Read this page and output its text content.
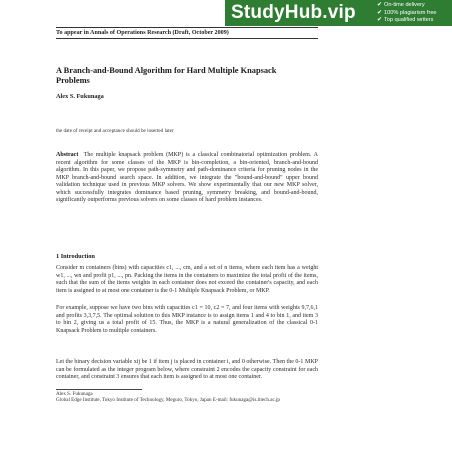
StudyHub.vip	✔ On-time delivery
✔ 100% plagiarism free
✔ Top qualified writers
To appear in Annals of Operations Research (Draft, October 2009)
A Branch-and-Bound Algorithm for Hard Multiple Knapsack Problems

Alex S. Fukunaga

the date of receipt and acceptance should be inserted later

Abstract The multiple knapsack problem (MKP) is a classical combinatorial optimization problem. A recent algorithm for some classes of the MKP is bin-completion, a bin-oriented, branch-and-bound algorithm. In this paper, we propose path-symmetry and path-dominance criteria for pruning nodes in the MKP branch-and-bound search space. In addition, we integrate the "bound-and-bound" upper bound validation technique used in previous MKP solvers. We show experimentally that our new MKP solver, which successfully integrates dominance based pruning, symmetry breaking, and bound-and-bound, significantly outperforms previous solvers on some classes of hard problem instances.

1 Introduction

Consider m containers (bins) with capacities c1, ..., cm, and a set of n items, where each item has a weight w1, ..., wn and profit p1, ..., pn. Packing the items in the containers to maximize the total profit of the items, such that the sum of the items weights in each container does not exceed the container's capacity, and each item is assigned to at most one container is the 0-1 Multiple Knapsack Problem, or MKP.

For example, suppose we have two bins with capacities c1 = 10, c2 = 7, and four items with weights 9,7,6,1 and profits 3,3,7,5. The optimal solution to this MKP instance is to assign items 1 and 4 to bin 1, and item 3 to bin 2, giving us a total profit of 15. Thus, the MKP is a natural generalization of the classical 0-1 Knapsack Problem to multiple containers.

Let the binary decision variable xij be 1 if item j is placed in container i, and 0 otherwise. Then the 0-1 MKP can be formulated as the integer program below, where constraint 2 encodes the capacity constraint for each container, and constraint 3 ensures that each item is assigned to at most one container.

Alex S. Fukunaga
Global Edge Institute, Tokyo Institute of Technology, Meguro, Tokyo, Japan E-mail: fukunaga@is.titech.ac.jp
